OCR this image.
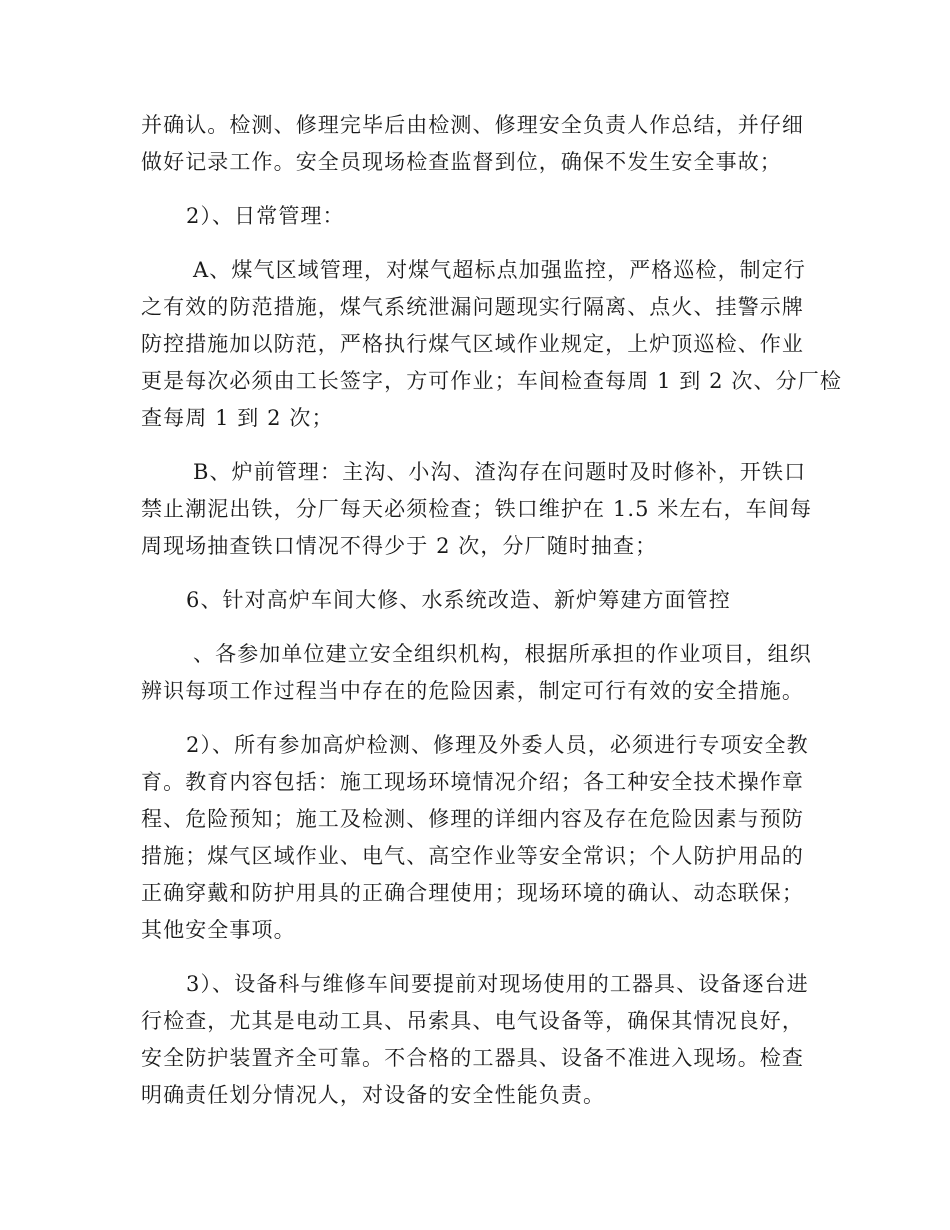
并确认。检测、修理完毕后由检测、修理安全负责人作总结，并仔细
做好记录工作。安全员现场检查监督到位，确保不发生安全事故；
2）、日常管理：
A、煤气区域管理，对煤气超标点加强监控，严格巡检，制定行
之有效的防范措施，煤气系统泄漏问题现实行隔离、点火、挂警示牌
防控措施加以防范，严格执行煤气区域作业规定，上炉顶巡检、作业
更是每次必须由工长签字，方可作业；车间检查每周 1 到 2 次、分厂检
查每周 1 到 2 次；
B、炉前管理：主沟、小沟、渣沟存在问题时及时修补，开铁口
禁止潮泥出铁，分厂每天必须检查；铁口维护在 1.5 米左右，车间每
周现场抽查铁口情况不得少于 2 次，分厂随时抽查；
6、针对高炉车间大修、水系统改造、新炉筹建方面管控
、各参加单位建立安全组织机构，根据所承担的作业项目，组织
辨识每项工作过程当中存在的危险因素，制定可行有效的安全措施。
2）、所有参加高炉检测、修理及外委人员，必须进行专项安全教
育。教育内容包括：施工现场环境情况介绍；各工种安全技术操作章
程、危险预知；施工及检测、修理的详细内容及存在危险因素与预防
措施；煤气区域作业、电气、高空作业等安全常识；个人防护用品的
正确穿戴和防护用具的正确合理使用；现场环境的确认、动态联保；
其他安全事项。
3）、设备科与维修车间要提前对现场使用的工器具、设备逐台进
行检查，尤其是电动工具、吊索具、电气设备等，确保其情况良好，
安全防护装置齐全可靠。不合格的工器具、设备不准进入现场。检查
明确责任划分情况人，对设备的安全性能负责。
